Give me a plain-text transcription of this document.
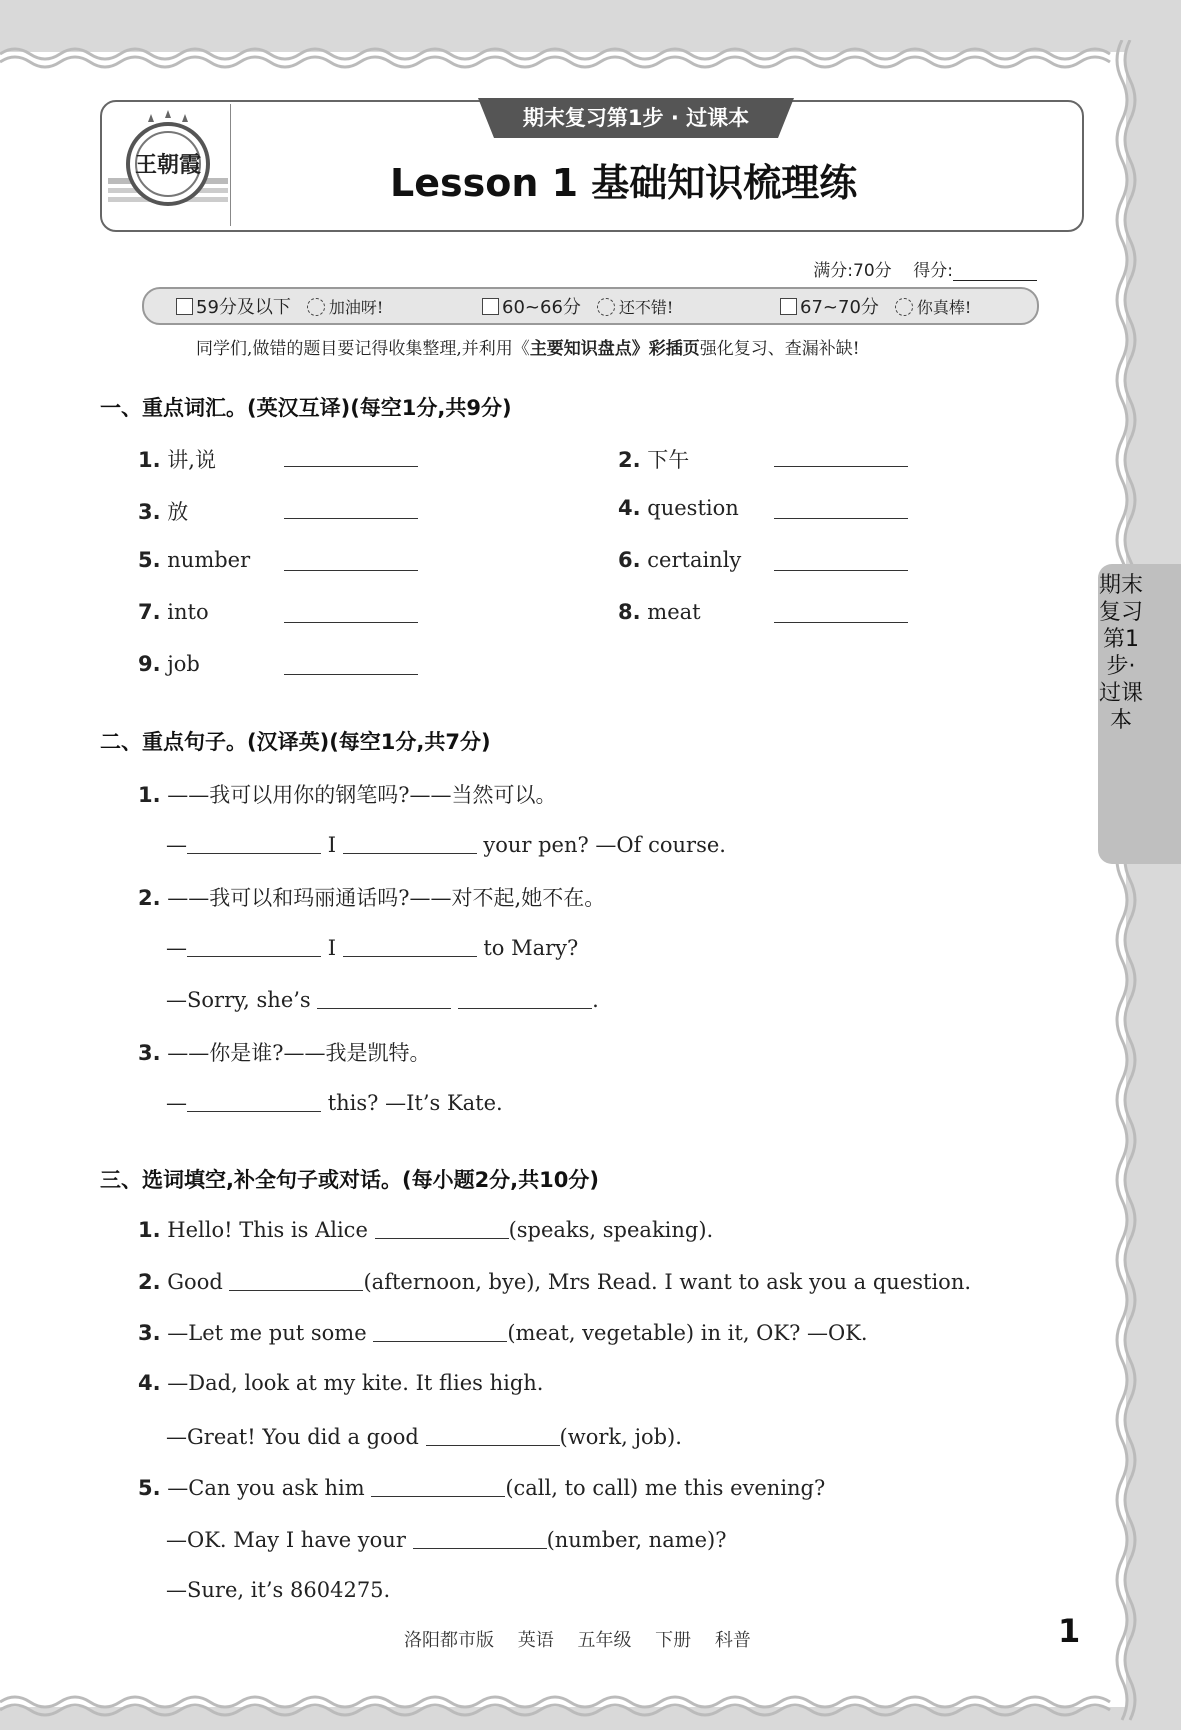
王朝霞
期末复习第1步 · 过课本
Lesson 1 基础知识梳理练
满分:70分 得分:
59分及以下 加油呀!	60~66分 还不错!	67~70分 你真棒!
同学们,做错的题目要记得收集整理,并利用《主要知识盘点》彩插页强化复习、查漏补缺!
一、重点词汇。(英汉互译)(每空1分,共9分)
1. 讲,说	2. 下午
3. 放	4. question
5. number	6. certainly
7. into	8. meat
9. job
二、重点句子。(汉译英)(每空1分,共7分)
1. ——我可以用你的钢笔吗?——当然可以。
—	I	your pen? —Of course.
2. ——我可以和玛丽通话吗?——对不起,她不在。
—	I	to Mary?
—Sorry, she’s	.
3. ——你是谁?——我是凯特。
—	this? —It’s Kate.
三、选词填空,补全句子或对话。(每小题2分,共10分)
1. Hello! This is Alice	(speaks, speaking).
2. Good	(afternoon, bye), Mrs Read. I want to ask you a question.
3. —Let me put some	(meat, vegetable) in it, OK? —OK.
4. —Dad, look at my kite. It flies high.
—Great! You did a good	(work, job).
5. —Can you ask him	(call, to call) me this evening?
—OK. May I have your	(number, name)?
—Sure, it’s 8604275.
期末复习第1步·过课本
洛阳都市版 英语 五年级 下册 科普	1
